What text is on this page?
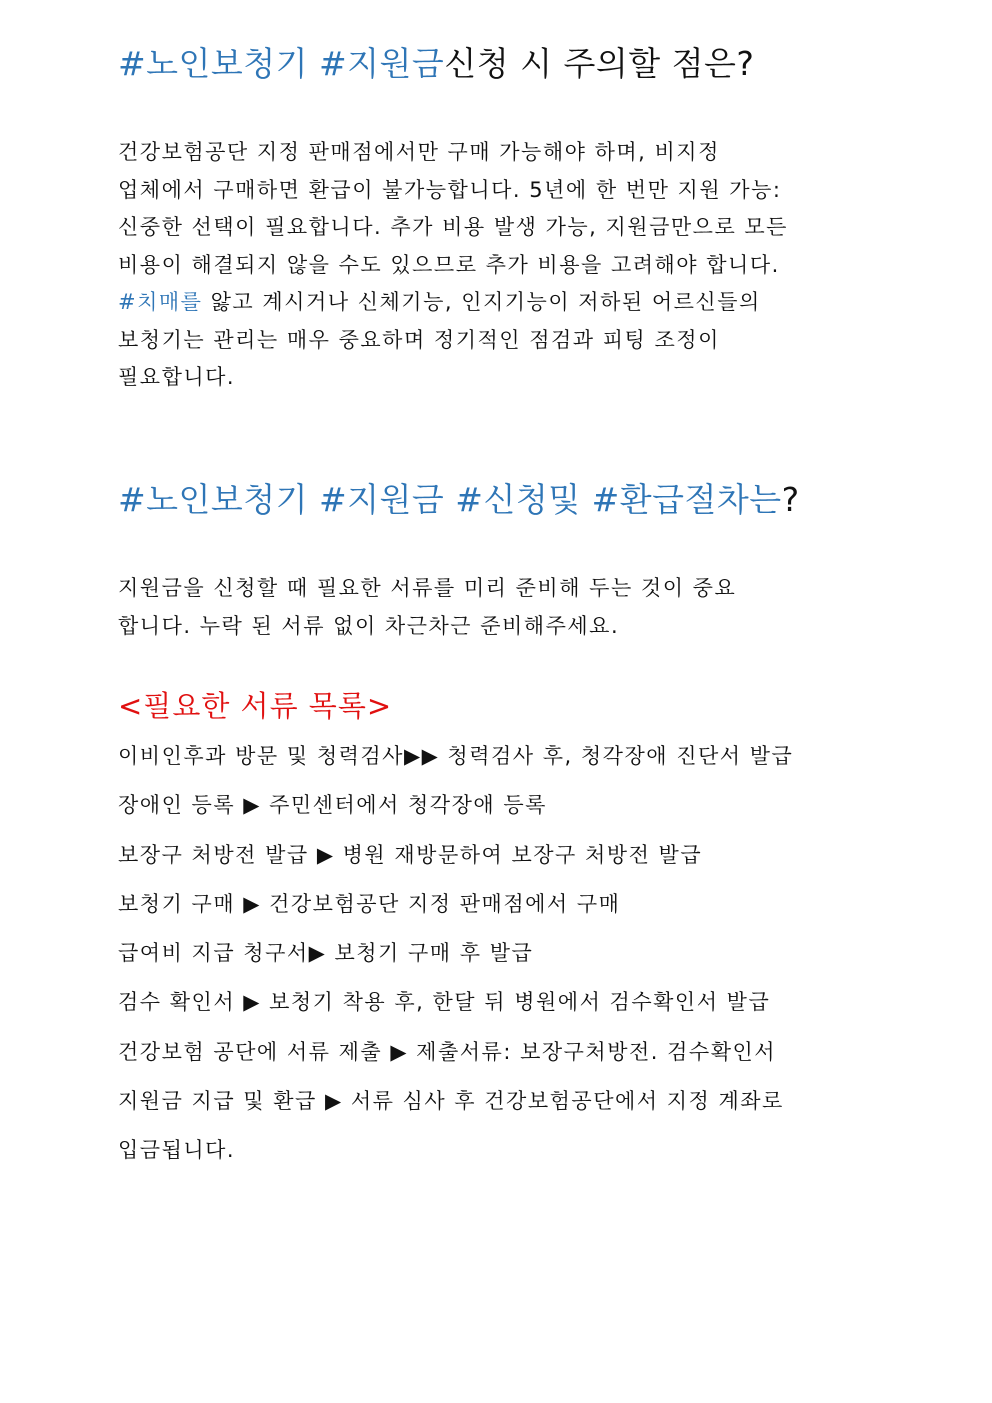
#노인보청기 #지원금신청 시 주의할 점은?
건강보험공단 지정 판매점에서만 구매 가능해야 하며, 비지정
업체에서 구매하면 환급이 불가능합니다. 5년에 한 번만 지원 가능:
신중한 선택이 필요합니다. 추가 비용 발생 가능, 지원금만으로 모든
비용이 해결되지 않을 수도 있으므로 추가 비용을 고려해야 합니다.
#치매를 앓고 계시거나 신체기능, 인지기능이 저하된 어르신들의
보청기는 관리는 매우 중요하며 정기적인 점검과 피팅 조정이
필요합니다.
#노인보청기 #지원금 #신청및 #환급절차는?
지원금을 신청할 때 필요한 서류를 미리 준비해 두는 것이 중요
합니다. 누락 된 서류 없이 차근차근 준비해주세요.
<필요한 서류 목록>
이비인후과 방문 및 청력검사▶▶ 청력검사 후, 청각장애 진단서 발급
장애인 등록 ▶ 주민센터에서 청각장애 등록
보장구 처방전 발급 ▶ 병원 재방문하여 보장구 처방전 발급
보청기 구매 ▶ 건강보험공단 지정 판매점에서 구매
급여비 지급 청구서▶ 보청기 구매 후 발급
검수 확인서 ▶ 보청기 착용 후, 한달 뒤 병원에서 검수확인서 발급
건강보험 공단에 서류 제출 ▶ 제출서류: 보장구처방전. 검수확인서
지원금 지급 및 환급 ▶ 서류 심사 후 건강보험공단에서 지정 계좌로
입금됩니다.
